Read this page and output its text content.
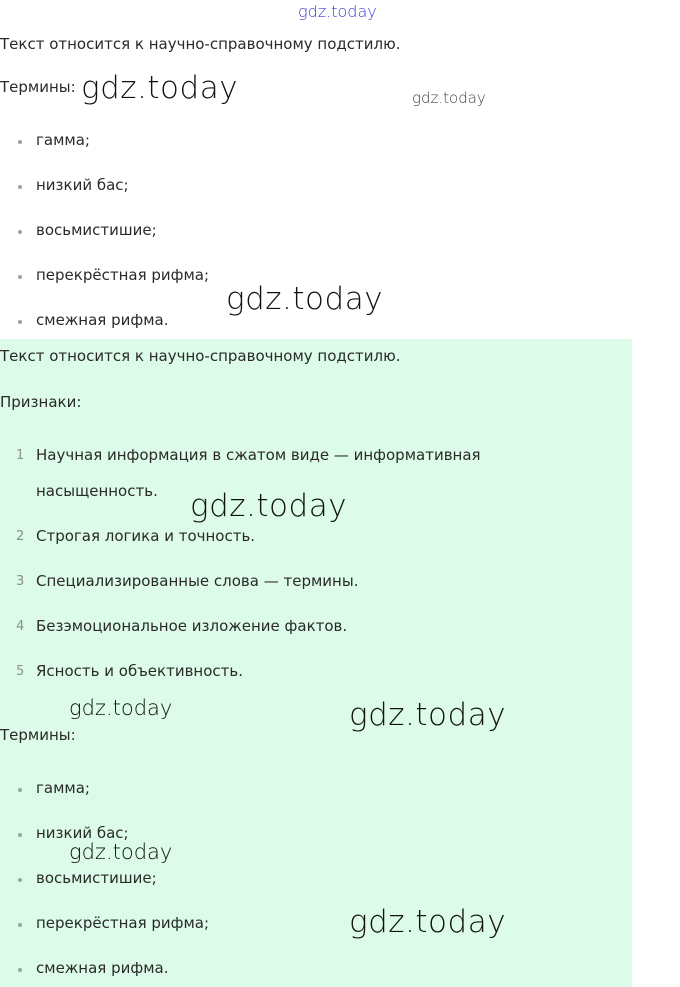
gdz.today
Текст относится к научно-справочному подстилю.
Термины:
гамма;
низкий бас;
восьмистишие;
перекрёстная рифма;
смежная рифма.
Текст относится к научно-справочному подстилю.
Признаки:
1 Научная информация в сжатом виде — информативная
насыщенность.
2 Строгая логика и точность.
3 Специализированные слова — термины.
4 Безэмоциональное изложение фактов.
5 Ясность и объективность.
Термины:
гамма;
низкий бас;
восьмистишие;
перекрёстная рифма;
смежная рифма.
gdz.today	gdz.today
gdz.today
gdz.today
gdz.today	gdz.today
gdz.today
gdz.today
